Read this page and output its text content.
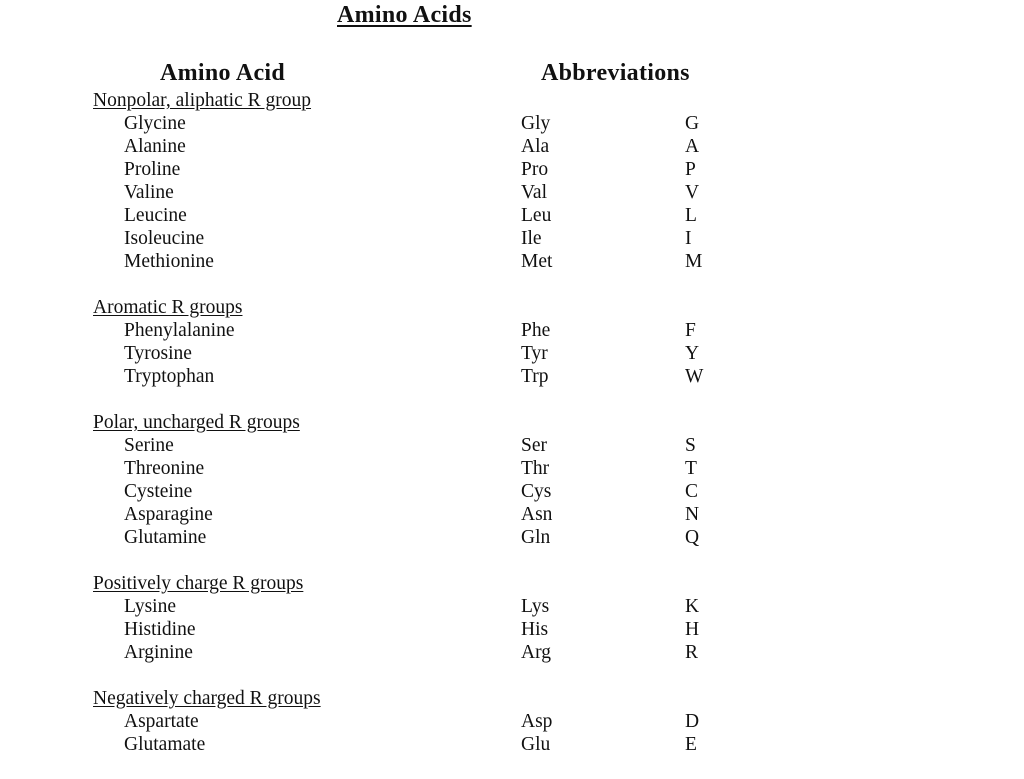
Amino Acids
Amino Acid	Abbreviations
Nonpolar, aliphatic R group
Glycine	Gly	G
Alanine	Ala	A
Proline	Pro	P
Valine	Val	V
Leucine	Leu	L
Isoleucine	Ile	I
Methionine	Met	M
Aromatic R groups
Phenylalanine	Phe	F
Tyrosine	Tyr	Y
Tryptophan	Trp	W
Polar, uncharged R groups
Serine	Ser	S
Threonine	Thr	T
Cysteine	Cys	C
Asparagine	Asn	N
Glutamine	Gln	Q
Positively charge R groups
Lysine	Lys	K
Histidine	His	H
Arginine	Arg	R
Negatively charged R groups
Aspartate	Asp	D
Glutamate	Glu	E
